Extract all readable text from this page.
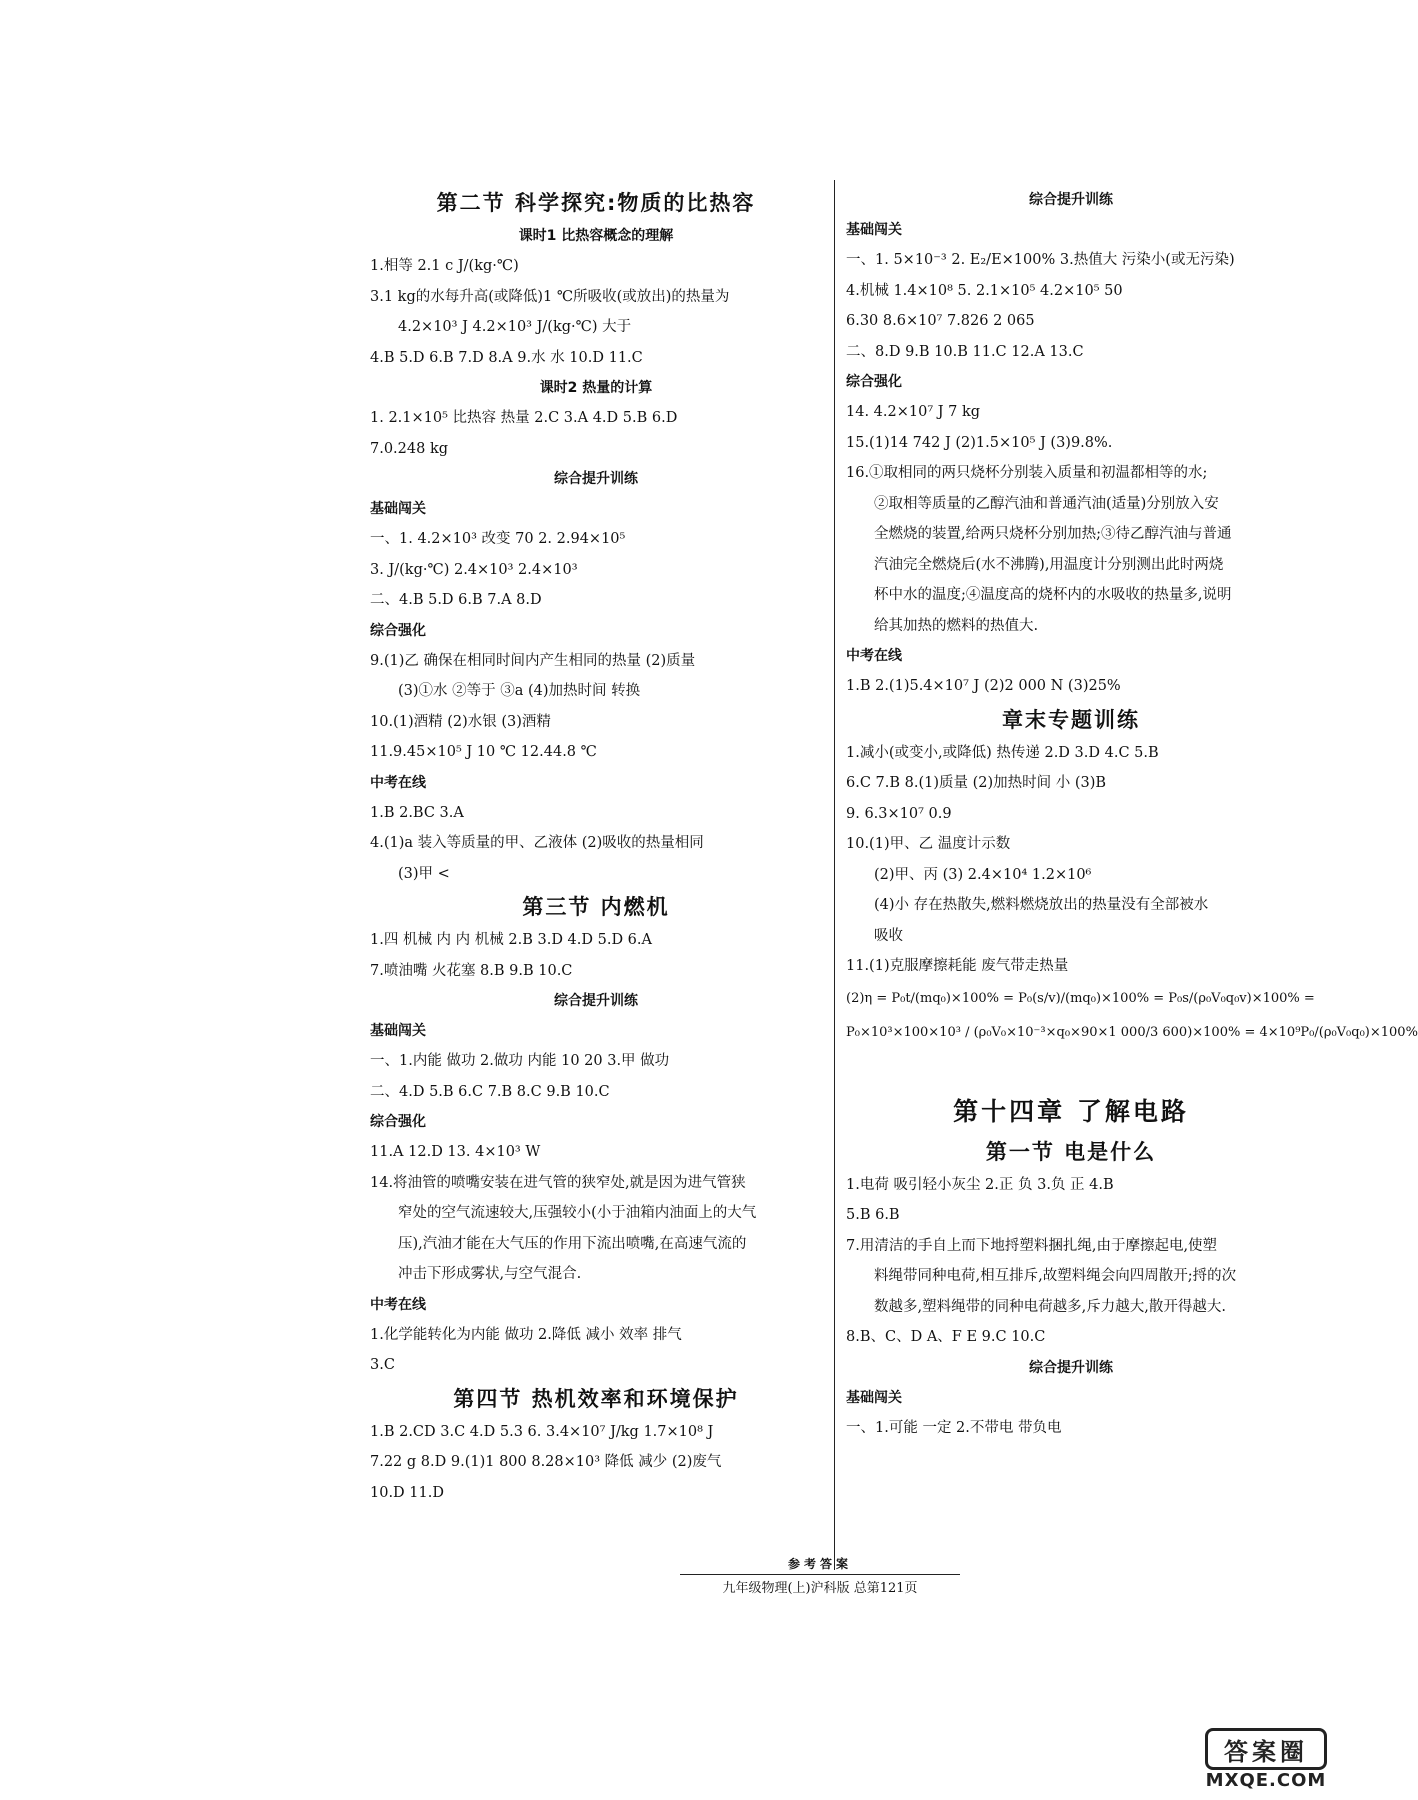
第二节 科学探究:物质的比热容
课时1 比热容概念的理解
1.相等 2.1 c J/(kg·℃)
3.1 kg的水每升高(或降低)1 ℃所吸收(或放出)的热量为
4.2×10³ J 4.2×10³ J/(kg·℃) 大于
4.B 5.D 6.B 7.D 8.A 9.水 水 10.D 11.C
课时2 热量的计算
1. 2.1×10⁵ 比热容 热量 2.C 3.A 4.D 5.B 6.D
7.0.248 kg
综合提升训练
基础闯关
一、1. 4.2×10³ 改变 70 2. 2.94×10⁵
3. J/(kg·℃) 2.4×10³ 2.4×10³
二、4.B 5.D 6.B 7.A 8.D
综合强化
9.(1)乙 确保在相同时间内产生相同的热量 (2)质量
(3)①水 ②等于 ③a (4)加热时间 转换
10.(1)酒精 (2)水银 (3)酒精
11.9.45×10⁵ J 10 ℃ 12.44.8 ℃
中考在线
1.B 2.BC 3.A
4.(1)a 装入等质量的甲、乙液体 (2)吸收的热量相同
(3)甲 <
第三节 内燃机
1.四 机械 内 内 机械 2.B 3.D 4.D 5.D 6.A
7.喷油嘴 火花塞 8.B 9.B 10.C
综合提升训练
基础闯关
一、1.内能 做功 2.做功 内能 10 20 3.甲 做功
二、4.D 5.B 6.C 7.B 8.C 9.B 10.C
综合强化
11.A 12.D 13. 4×10³ W
14.将油管的喷嘴安装在进气管的狭窄处,就是因为进气管狭
窄处的空气流速较大,压强较小(小于油箱内油面上的大气
压),汽油才能在大气压的作用下流出喷嘴,在高速气流的
冲击下形成雾状,与空气混合.
中考在线
1.化学能转化为内能 做功 2.降低 减小 效率 排气
3.C
第四节 热机效率和环境保护
1.B 2.CD 3.C 4.D 5.3 6. 3.4×10⁷ J/kg 1.7×10⁸ J
7.22 g 8.D 9.(1)1 800 8.28×10³ 降低 减少 (2)废气
10.D 11.D
综合提升训练
基础闯关
一、1. 5×10⁻³ 2. E₂/E×100% 3.热值大 污染小(或无污染)
4.机械 1.4×10⁸ 5. 2.1×10⁵ 4.2×10⁵ 50
6.30 8.6×10⁷ 7.826 2 065
二、8.D 9.B 10.B 11.C 12.A 13.C
综合强化
14. 4.2×10⁷ J 7 kg
15.(1)14 742 J (2)1.5×10⁵ J (3)9.8%.
16.①取相同的两只烧杯分别装入质量和初温都相等的水;
②取相等质量的乙醇汽油和普通汽油(适量)分别放入安
全燃烧的装置,给两只烧杯分别加热;③待乙醇汽油与普通
汽油完全燃烧后(水不沸腾),用温度计分别测出此时两烧
杯中水的温度;④温度高的烧杯内的水吸收的热量多,说明
给其加热的燃料的热值大.
中考在线
1.B 2.(1)5.4×10⁷ J (2)2 000 N (3)25%
章末专题训练
1.减小(或变小,或降低) 热传递 2.D 3.D 4.C 5.B
6.C 7.B 8.(1)质量 (2)加热时间 小 (3)B
9. 6.3×10⁷ 0.9
10.(1)甲、乙 温度计示数
(2)甲、丙 (3) 2.4×10⁴ 1.2×10⁶
(4)小 存在热散失,燃料燃烧放出的热量没有全部被水
吸收
11.(1)克服摩擦耗能 废气带走热量
(2)η = P₀t/(mq₀)×100% = P₀(s/v)/(mq₀)×100% = P₀s/(ρ₀V₀q₀v)×100% =
P₀×10³×100×10³ / (ρ₀V₀×10⁻³×q₀×90×1 000/3 600)×100% = 4×10⁹P₀/(ρ₀V₀q₀)×100%
第十四章 了解电路
第一节 电是什么
1.电荷 吸引轻小灰尘 2.正 负 3.负 正 4.B
5.B 6.B
7.用清洁的手自上而下地捋塑料捆扎绳,由于摩擦起电,使塑
料绳带同种电荷,相互排斥,故塑料绳会向四周散开;捋的次
数越多,塑料绳带的同种电荷越多,斥力越大,散开得越大.
8.B、C、D A、F E 9.C 10.C
综合提升训练
基础闯关
一、1.可能 一定 2.不带电 带负电
参考答案
九年级物理(上)沪科版 总第121页
答案圈
MXQE.COM
